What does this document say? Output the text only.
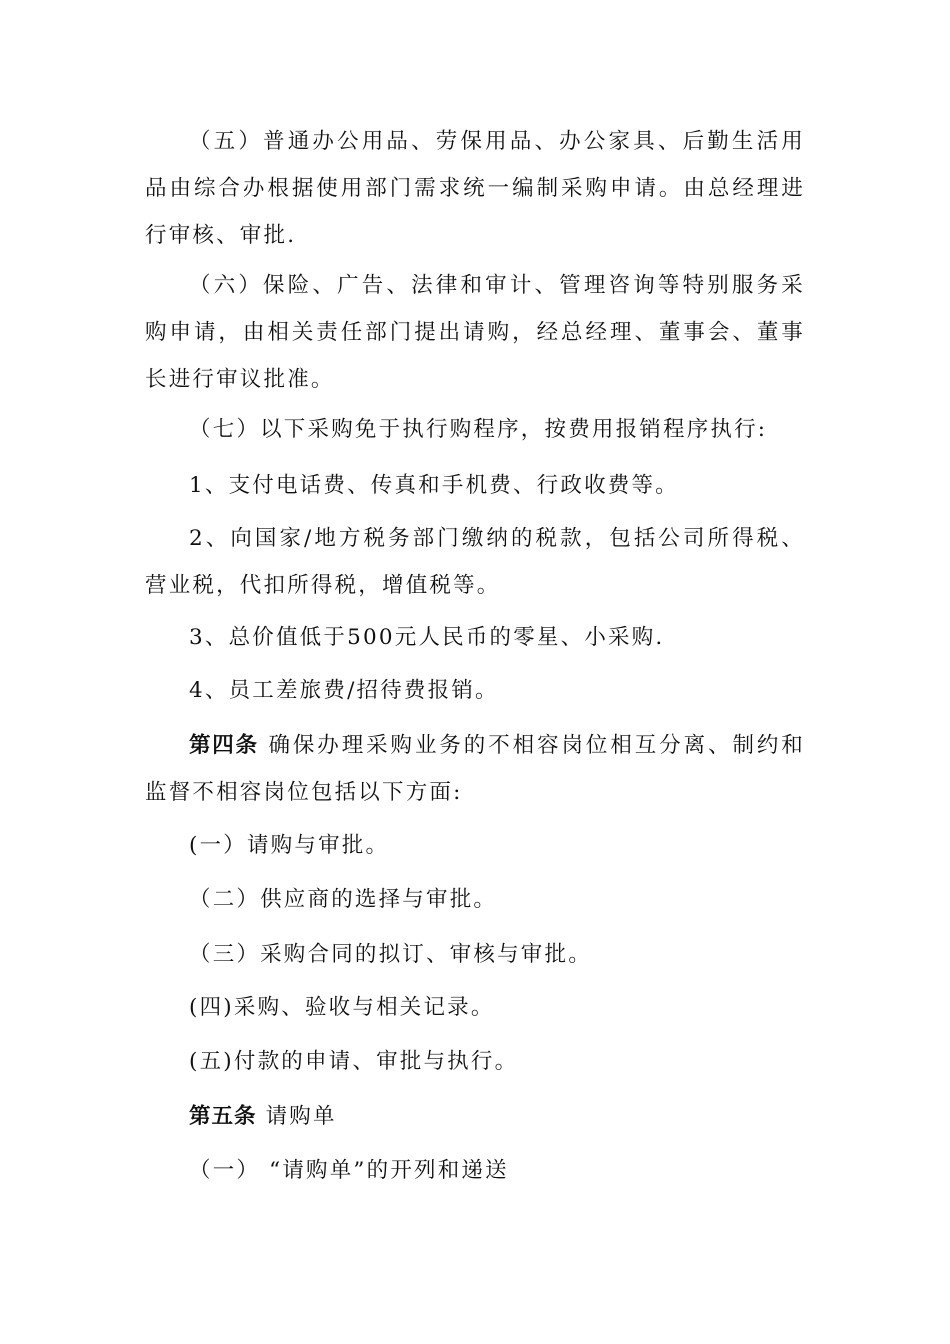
（五）普通办公用品、劳保用品、办公家具、后勤生活用品由综合办根据使用部门需求统一编制采购申请。由总经理进行审核、审批.

（六）保险、广告、法律和审计、管理咨询等特别服务采购申请，由相关责任部门提出请购，经总经理、董事会、董事长进行审议批准。

（七）以下采购免于执行购程序，按费用报销程序执行:

1、支付电话费、传真和手机费、行政收费等。

2、向国家/地方税务部门缴纳的税款，包括公司所得税、营业税，代扣所得税，增值税等。

3、总价值低于500元人民币的零星、小采购.

4、员工差旅费/招待费报销。

第四条 确保办理采购业务的不相容岗位相互分离、制约和监督不相容岗位包括以下方面:

(一）请购与审批。

（二）供应商的选择与审批。

（三）采购合同的拟订、审核与审批。

(四)采购、验收与相关记录。

(五)付款的申请、审批与执行。

第五条 请购单

（一） “请购单”的开列和递送
